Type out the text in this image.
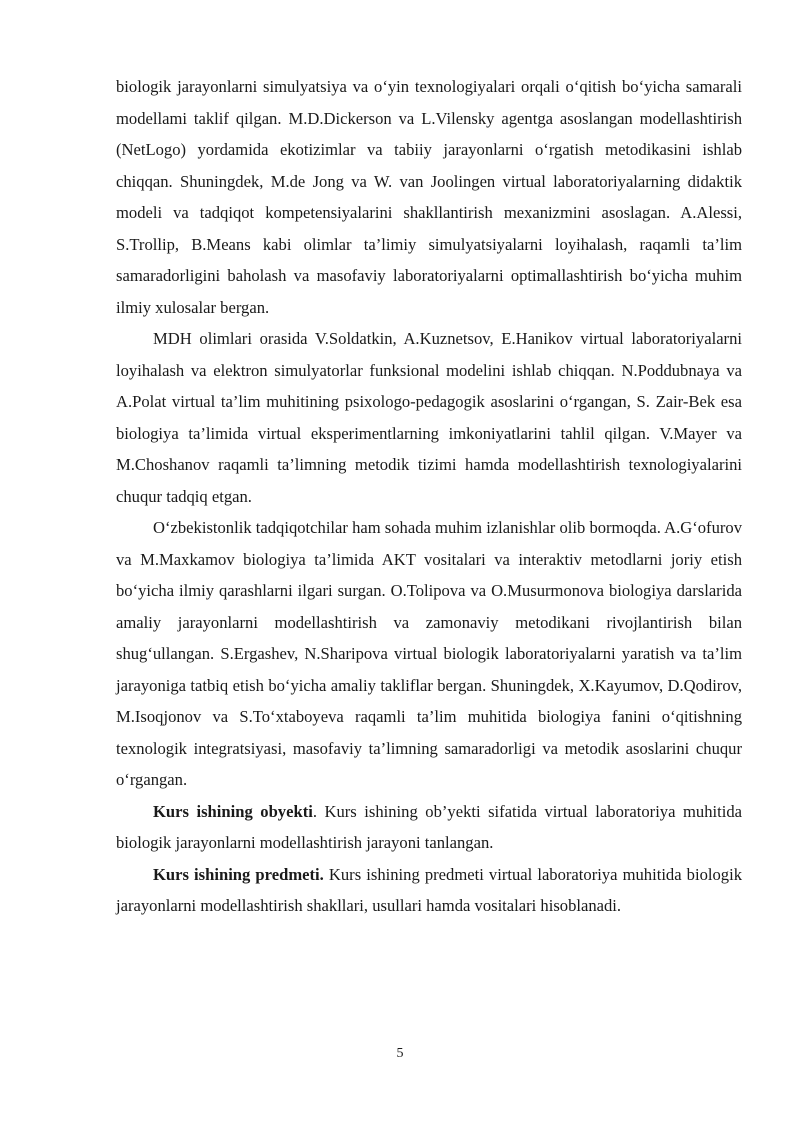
biologik jarayonlarni simulyatsiya va o‘yin texnologiyalari orqali o‘qitish bo‘yicha samarali modellami taklif qilgan. M.D.Dickerson va L.Vilensky agentga asoslangan modellashtirish (NetLogo) yordamida ekotizimlar va tabiiy jarayonlarni o‘rgatish metodikasini ishlab chiqqan. Shuningdek, M.de Jong va W. van Joolingen virtual laboratoriyalarning didaktik modeli va tadqiqot kompetensiyalarini shakllantirish mexanizmini asoslagan. A.Alessi, S.Trollip, B.Means kabi olimlar ta’limiy simulyatsiyalarni loyihalash, raqamli ta’lim samaradorligini baholash va masofaviy laboratoriyalarni optimallashtirish bo‘yicha muhim ilmiy xulosalar bergan.

MDH olimlari orasida V.Soldatkin, A.Kuznetsov, E.Hanikov virtual laboratoriyalarni loyihalash va elektron simulyatorlar funksional modelini ishlab chiqqan. N.Poddubnaya va A.Polat virtual ta’lim muhitining psixologo-pedagogik asoslarini o‘rgangan, S. Zair-Bek esa biologiya ta’limida virtual eksperimentlarning imkoniyatlarini tahlil qilgan. V.Mayer va M.Choshanov raqamli ta’limning metodik tizimi hamda modellashtirish texnologiyalarini chuqur tadqiq etgan.

O‘zbekistonlik tadqiqotchilar ham sohada muhim izlanishlar olib bormoqda. A.G‘ofurov va M.Maxkamov biologiya ta’limida AKT vositalari va interaktiv metodlarni joriy etish bo‘yicha ilmiy qarashlarni ilgari surgan. O.Tolipova va O.Musurmonova biologiya darslarida amaliy jarayonlarni modellashtirish va zamonaviy metodikani rivojlantirish bilan shug‘ullangan. S.Ergashev, N.Sharipova virtual biologik laboratoriyalarni yaratish va ta’lim jarayoniga tatbiq etish bo‘yicha amaliy takliflar bergan. Shuningdek, X.Kayumov, D.Qodirov, M.Isoqjonov va S.To‘xtaboyeva raqamli ta’lim muhitida biologiya fanini o‘qitishning texnologik integratsiyasi, masofaviy ta’limning samaradorligi va metodik asoslarini chuqur o‘rgangan.

Kurs ishining obyekti. Kurs ishining ob’yekti sifatida virtual laboratoriya muhitida biologik jarayonlarni modellashtirish jarayoni tanlangan.

Kurs ishining predmeti. Kurs ishining predmeti virtual laboratoriya muhitida biologik jarayonlarni modellashtirish shakllari, usullari hamda vositalari hisoblanadi.

5
